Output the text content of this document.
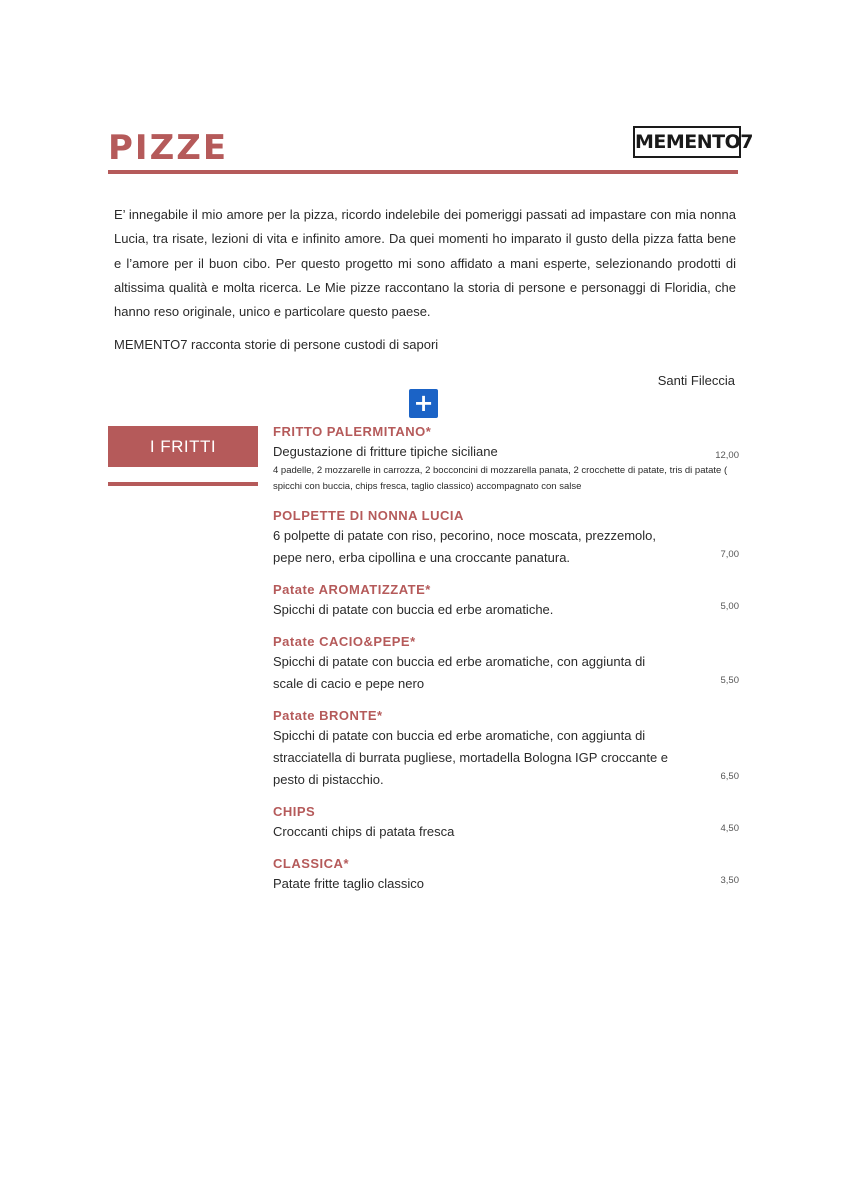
PIZZE	MEMENTO7

E’ innegabile il mio amore per la pizza, ricordo indelebile dei pomeriggi passati ad impastare con mia nonna Lucia, tra risate, lezioni di vita e infinito amore. Da quei momenti ho imparato il gusto della pizza fatta bene e l’amore per il buon cibo. Per questo progetto mi sono affidato a mani esperte, selezionando prodotti di altissima qualità e molta ricerca. Le Mie pizze raccontano la storia di persone e personaggi di Floridia, che hanno reso originale, unico e particolare questo paese.

MEMENTO7 racconta storie di persone custodi di sapori

Santi Fileccia

+
I FRITTI
FRITTO PALERMITANO*
Degustazione di fritture tipiche siciliane	12,00
4 padelle, 2 mozzarelle in carrozza, 2 bocconcini di mozzarella panata, 2 crocchette di patate, tris di patate ( spicchi con buccia, chips fresca, taglio classico) accompagnato con salse
POLPETTE DI NONNA LUCIA
6 polpette di patate con riso, pecorino, noce moscata, prezzemolo, pepe nero, erba cipollina e una croccante panatura.	7,00
Patate AROMATIZZATE*
Spicchi di patate con buccia ed erbe aromatiche.	5,00
Patate CACIO&PEPE*
Spicchi di patate con buccia ed erbe aromatiche, con aggiunta di scale di cacio e pepe nero	5,50
Patate BRONTE*
Spicchi di patate con buccia ed erbe aromatiche, con aggiunta di stracciatella di burrata pugliese, mortadella Bologna IGP croccante e pesto di pistacchio.	6,50
CHIPS
Croccanti chips di patata fresca	4,50
CLASSICA*
Patate fritte taglio classico	3,50
